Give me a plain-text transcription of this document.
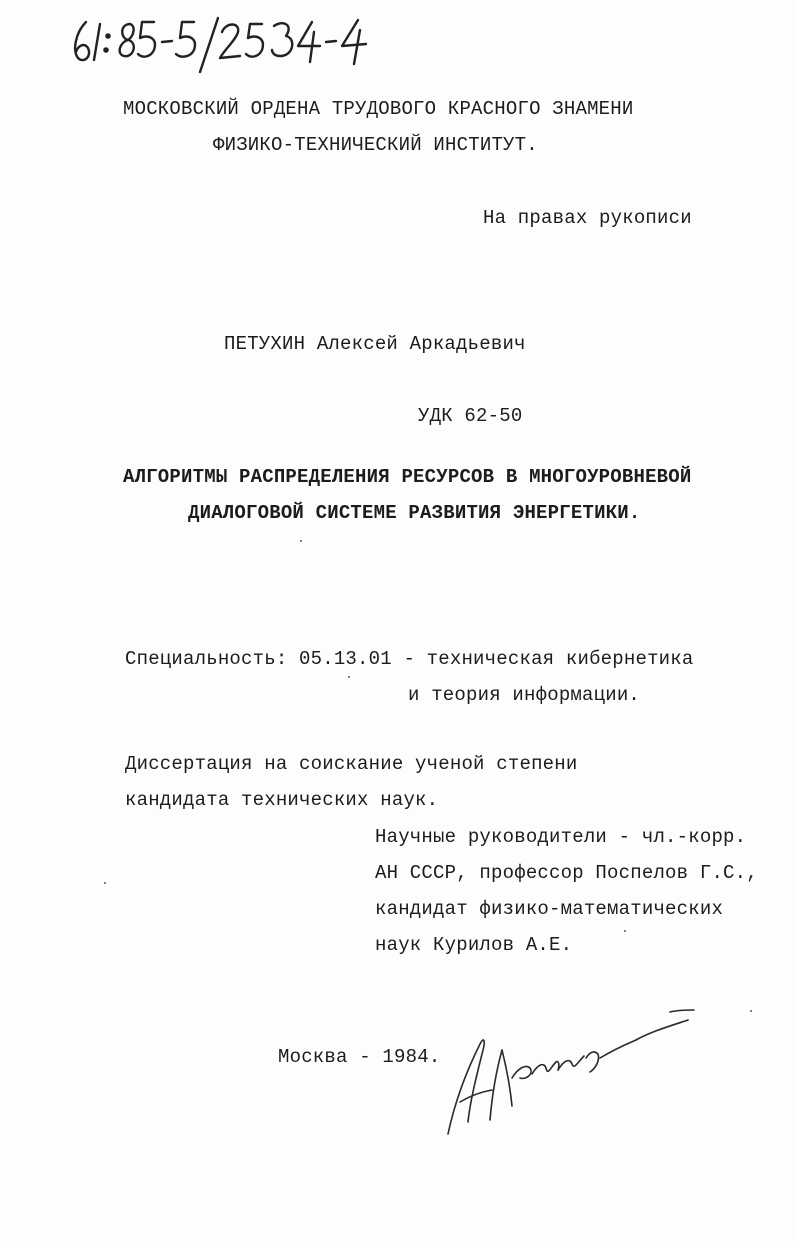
МОСКОВСКИЙ ОРДЕНА ТРУДОВОГО КРАСНОГО ЗНАМЕНИ
ФИЗИКО-ТЕХНИЧЕСКИЙ ИНСТИТУТ.
На правах рукописи
ПЕТУХИН Алексей Аркадьевич
УДК 62-50
АЛГОРИТМЫ РАСПРЕДЕЛЕНИЯ РЕСУРСОВ В МНОГОУРОВНЕВОЙ
ДИАЛОГОВОЙ СИСТЕМЕ РАЗВИТИЯ ЭНЕРГЕТИКИ.
Специальность: 05.13.01 - техническая кибернетика
и теория информации.
Диссертация на соискание ученой степени
кандидата технических наук.
Научные руководители - чл.-корр.
АН СССР, профессор Поспелов Г.С.,
кандидат физико-математических
наук Курилов А.Е.
Москва - 1984.
